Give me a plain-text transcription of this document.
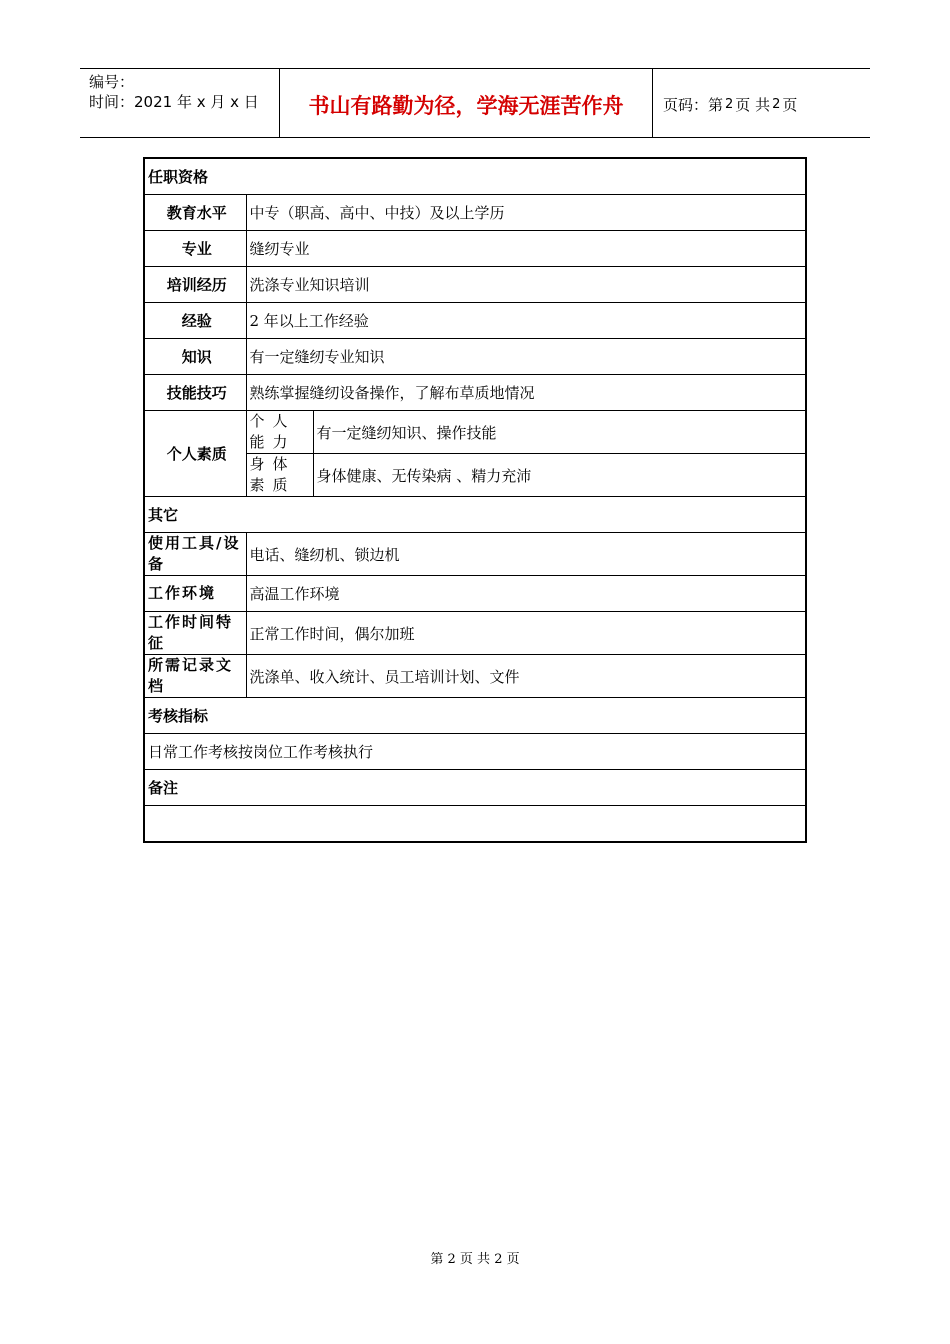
编号：
时间：2021 年 x 月 x 日	书山有路勤为径，学海无涯苦作舟	页码：第 2 页 共 2 页
任职资格		
教育水平	中专（职高、高中、中技）及以上学历	
专业	缝纫专业	
培训经历	洗涤专业知识培训	
经验	2 年以上工作经验	
知识	有一定缝纫专业知识	
技能技巧	熟练掌握缝纫设备操作，了解布草质地情况	
个人素质	个人能力	有一定缝纫知识、操作技能
	身体素质	身体健康、无传染病 、精力充沛
其它		
使用工具/设备	电话、缝纫机、锁边机	
工作环境	高温工作环境	
工作时间特征	正常工作时间，偶尔加班	
所需记录文档	洗涤单、收入统计、员工培训计划、文件	
考核指标		
日常工作考核按岗位工作考核执行		
备注		

第 2 页 共 2 页
